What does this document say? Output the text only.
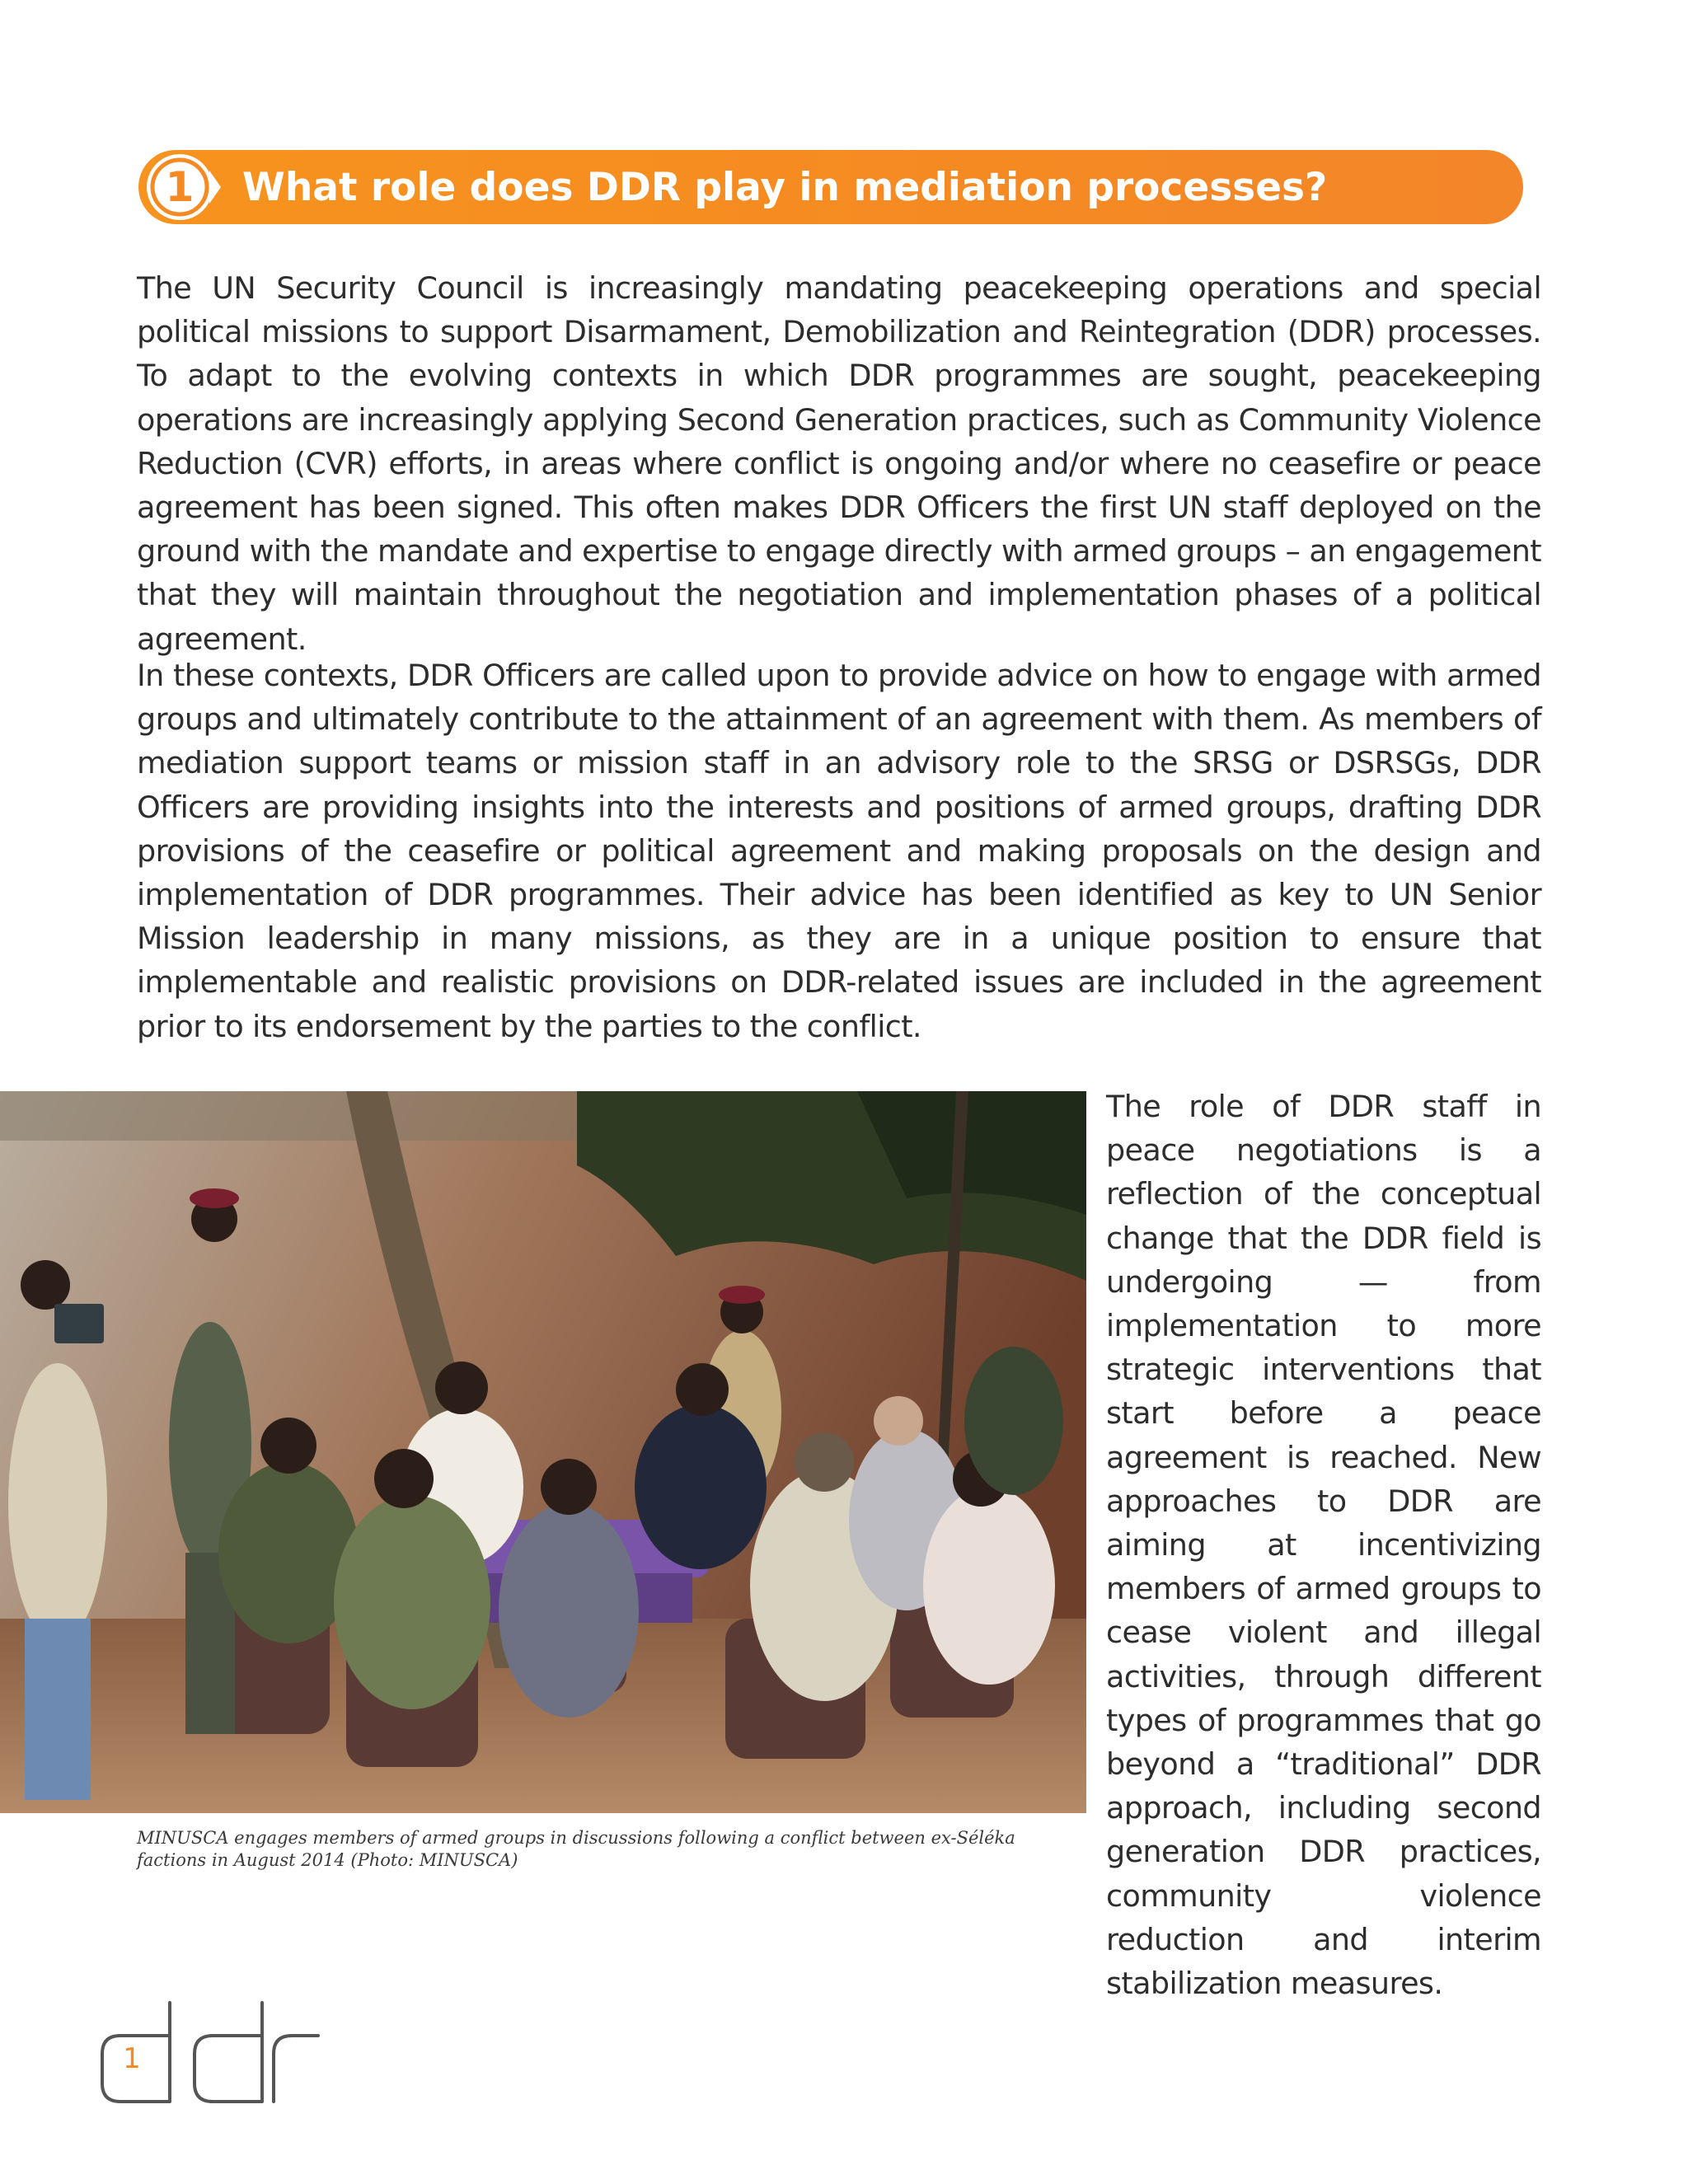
1	What role does DDR play in mediation processes?

The UN Security Council is increasingly mandating peacekeeping operations and special political missions to support Disarmament, Demobilization and Reintegration (DDR) processes. To adapt to the evolving contexts in which DDR programmes are sought, peacekeeping operations are increasingly applying Second Generation practices, such as Community Violence Reduction (CVR) efforts, in areas where conflict is ongoing and/or where no ceasefire or peace agreement has been signed. This often makes DDR Officers the first UN staff deployed on the ground with the mandate and expertise to engage directly with armed groups – an engagement that they will maintain throughout the negotiation and implementation phases of a political agreement.

In these contexts, DDR Officers are called upon to provide advice on how to engage with armed groups and ultimately contribute to the attainment of an agreement with them. As members of mediation support teams or mission staff in an advisory role to the SRSG or DSRSGs, DDR Officers are providing insights into the interests and positions of armed groups, drafting DDR provisions of the ceasefire or political agreement and making proposals on the design and implementation of DDR programmes. Their advice has been identified as key to UN Senior Mission leadership in many missions, as they are in a unique position to ensure that implementable and realistic provisions on DDR-related issues are included in the agreement prior to its endorsement by the parties to the conflict.

The role of DDR staff in peace negotiations is a reflection of the conceptual change that the DDR field is undergoing — from implementation to more strategic interventions that start before a peace agreement is reached. New approaches to DDR are aiming at incentivizing members of armed groups to cease violent and illegal activities, through different types of programmes that go beyond a “traditional” DDR approach, including second generation DDR practices, community violence reduction and interim stabilization measures.

MINUSCA engages members of armed groups in discussions following a conflict between ex-Séléka factions in August 2014 (Photo: MINUSCA)

1
